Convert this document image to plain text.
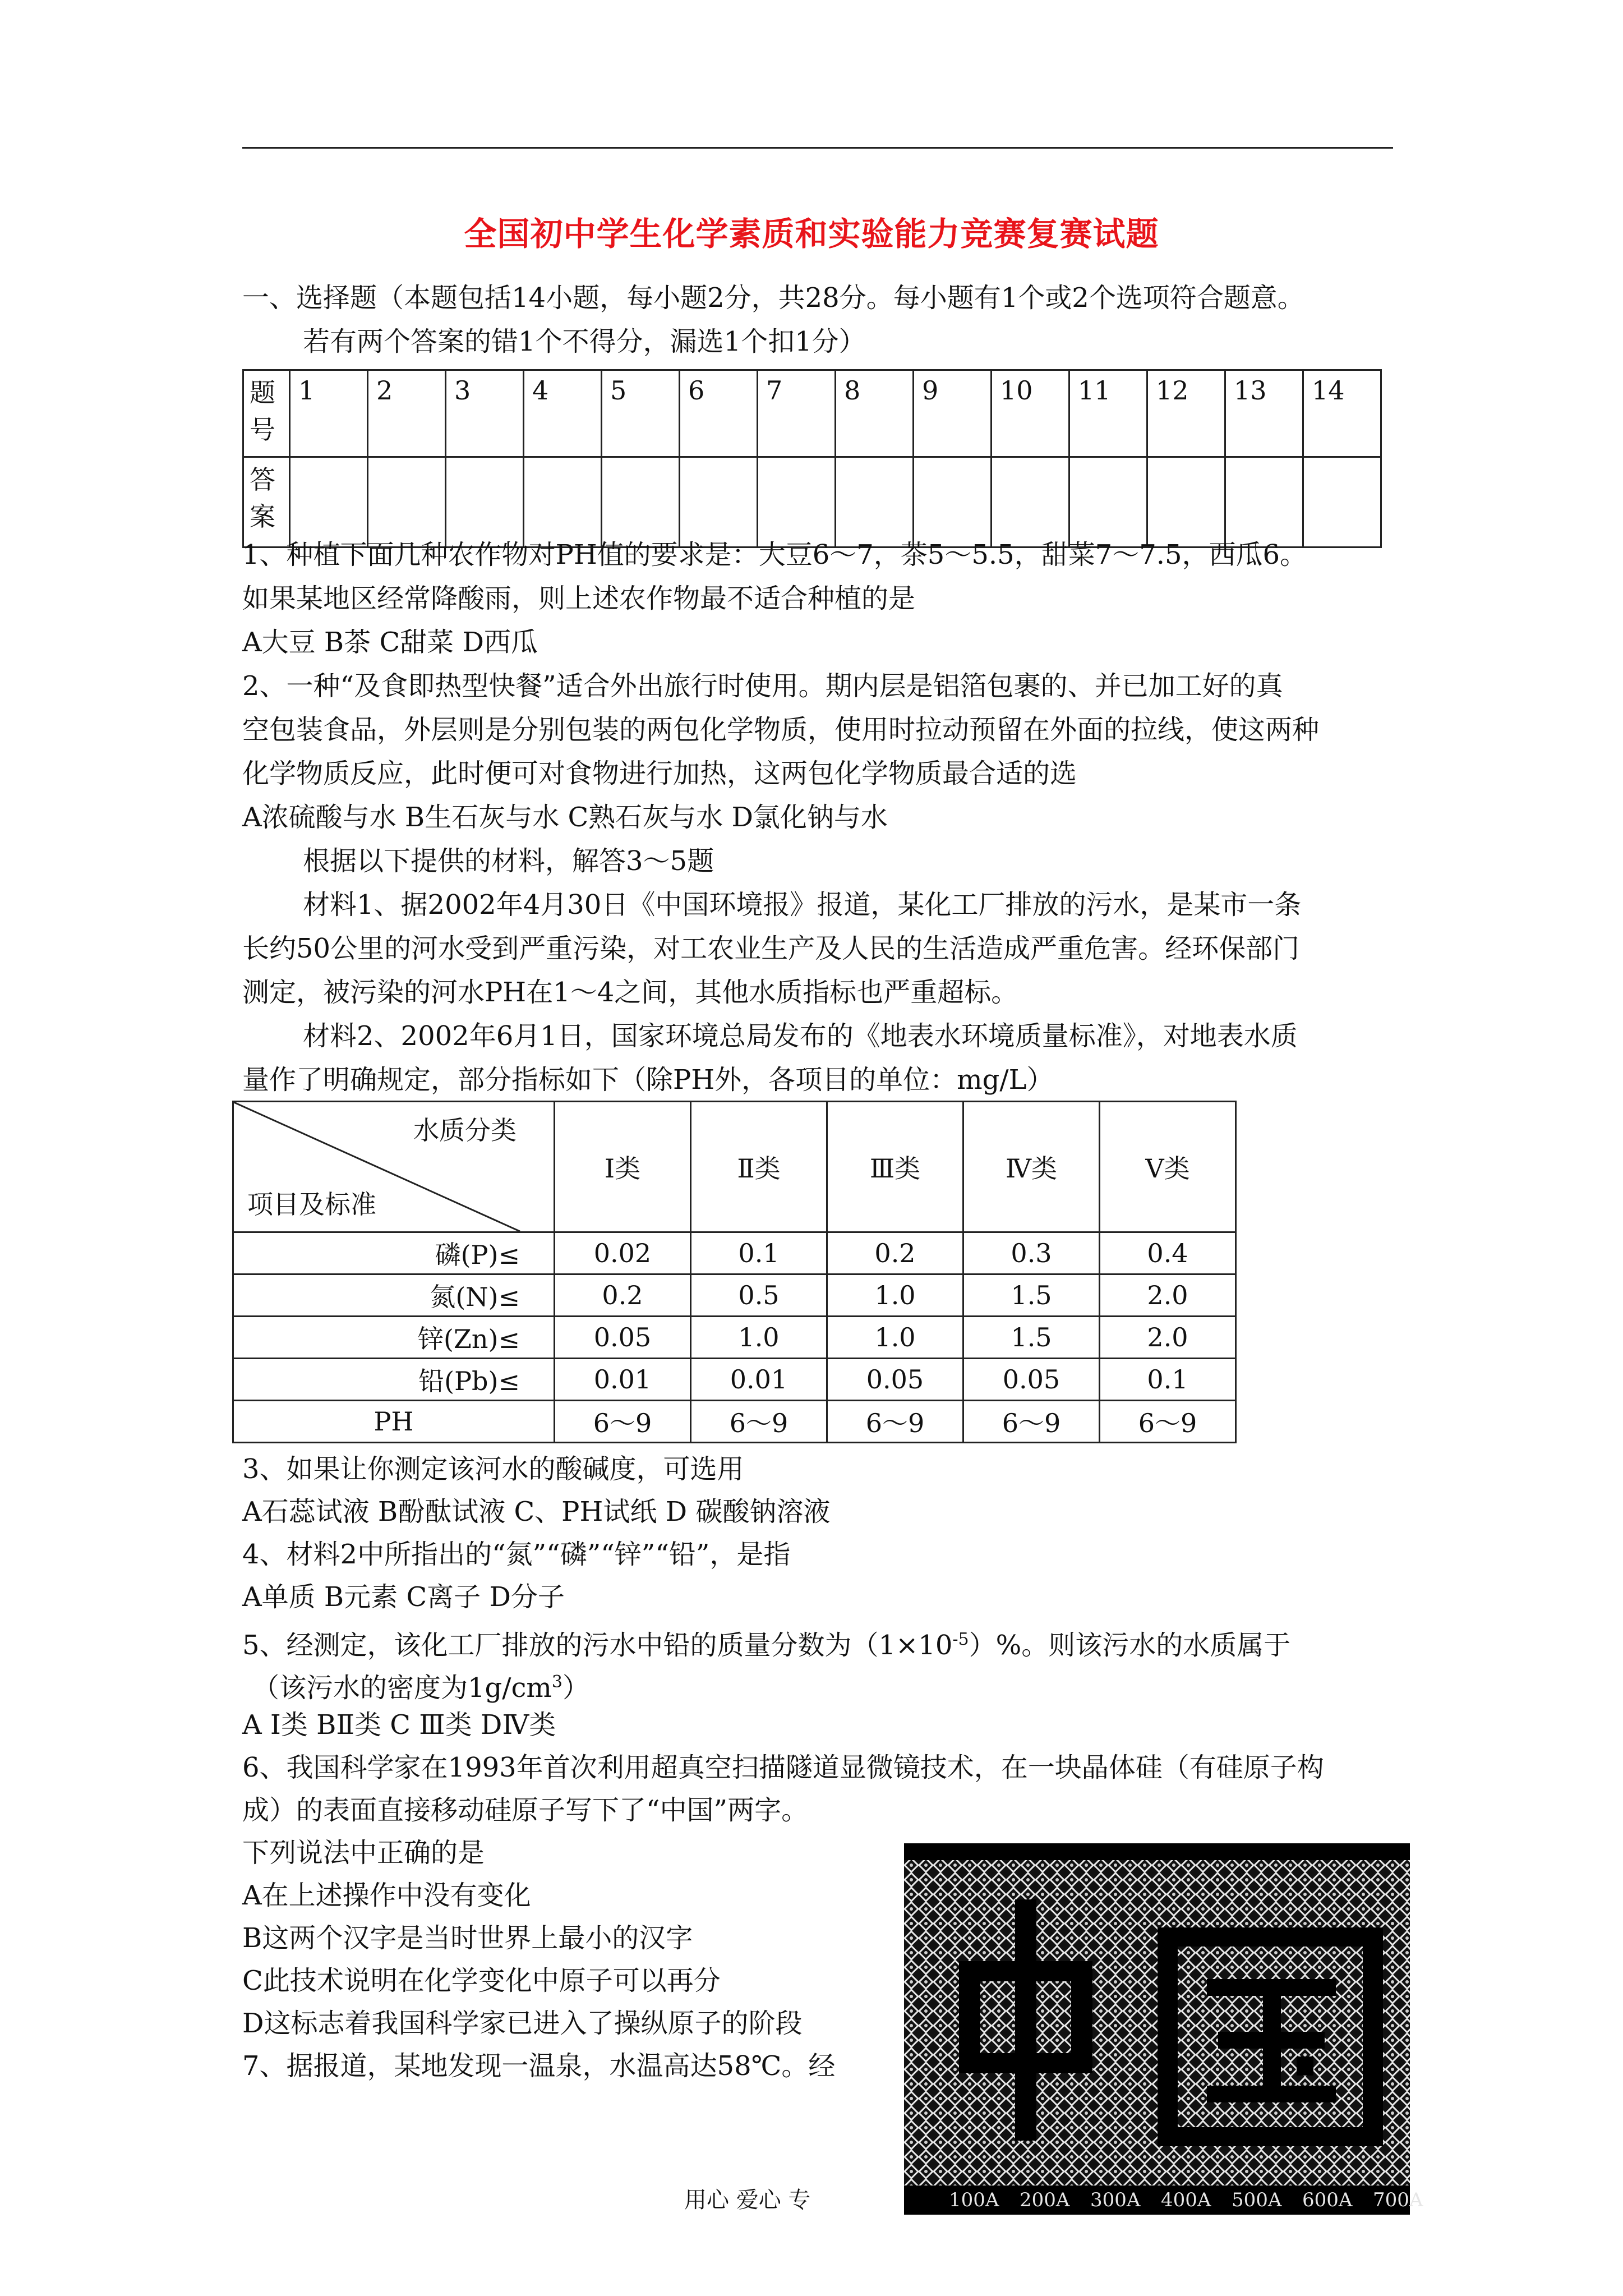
全国初中学生化学素质和实验能力竞赛复赛试题
一、选择题（本题包括14小题，每小题2分，共28分。每小题有1个或2个选项符合题意。
若有两个答案的错1个不得分，漏选1个扣1分）
题号	1	2	3	4	5	6	7	8	9	10	11	12	13	14
答案														
1、种植下面几种农作物对PH值的要求是：大豆6～7，茶5～5.5，甜菜7～7.5，西瓜6。
如果某地区经常降酸雨，则上述农作物最不适合种植的是
A大豆 B茶 C甜菜 D西瓜
2、一种“及食即热型快餐”适合外出旅行时使用。期内层是铝箔包裹的、并已加工好的真
空包装食品，外层则是分别包装的两包化学物质，使用时拉动预留在外面的拉线，使这两种
化学物质反应，此时便可对食物进行加热，这两包化学物质最合适的选
A浓硫酸与水 B生石灰与水 C熟石灰与水 D氯化钠与水
根据以下提供的材料，解答3～5题
材料1、据2002年4月30日《中国环境报》报道，某化工厂排放的污水，是某市一条
长约50公里的河水受到严重污染，对工农业生产及人民的生活造成严重危害。经环保部门
测定，被污染的河水PH在1～4之间，其他水质指标也严重超标。
材料2、2002年6月1日，国家环境总局发布的《地表水环境质量标准》，对地表水质
量作了明确规定，部分指标如下（除PH外，各项目的单位：mg/L）
水质分类
项目及标准	Ⅰ类	Ⅱ类	Ⅲ类	Ⅳ类	Ⅴ类
磷(P)≤	0.02	0.1	0.2	0.3	0.4
氮(N)≤	0.2	0.5	1.0	1.5	2.0
锌(Zn)≤	0.05	1.0	1.0	1.5	2.0
铅(Pb)≤	0.01	0.01	0.05	0.05	0.1
PH	6～9	6～9	6～9	6～9	6～9
3、如果让你测定该河水的酸碱度，可选用
A石蕊试液 B酚酞试液 C、PH试纸 D 碳酸钠溶液
4、材料2中所指出的“氮”“磷”“锌”“铅”，是指
A单质 B元素 C离子 D分子
5、经测定，该化工厂排放的污水中铅的质量分数为$(1\times 10^{-5})\%$。则该污水的水质属于
（该污水的密度为$1g/cm^3$）
A Ⅰ类 BⅡ类 C Ⅲ类 DⅣ类
6、我国科学家在1993年首次利用超真空扫描隧道显微镜技术，在一块晶体硅（有硅原子构
成）的表面直接移动硅原子写下了“中国”两字。
下列说法中正确的是
A在上述操作中没有变化
B这两个汉字是当时世界上最小的汉字
C此技术说明在化学变化中原子可以再分
D这标志着我国科学家已进入了操纵原子的阶段
7、据报道，某地发现一温泉，水温高达58℃。经
100A 200A 300A 400A 500A 600A 700A
用心 爱心 专
